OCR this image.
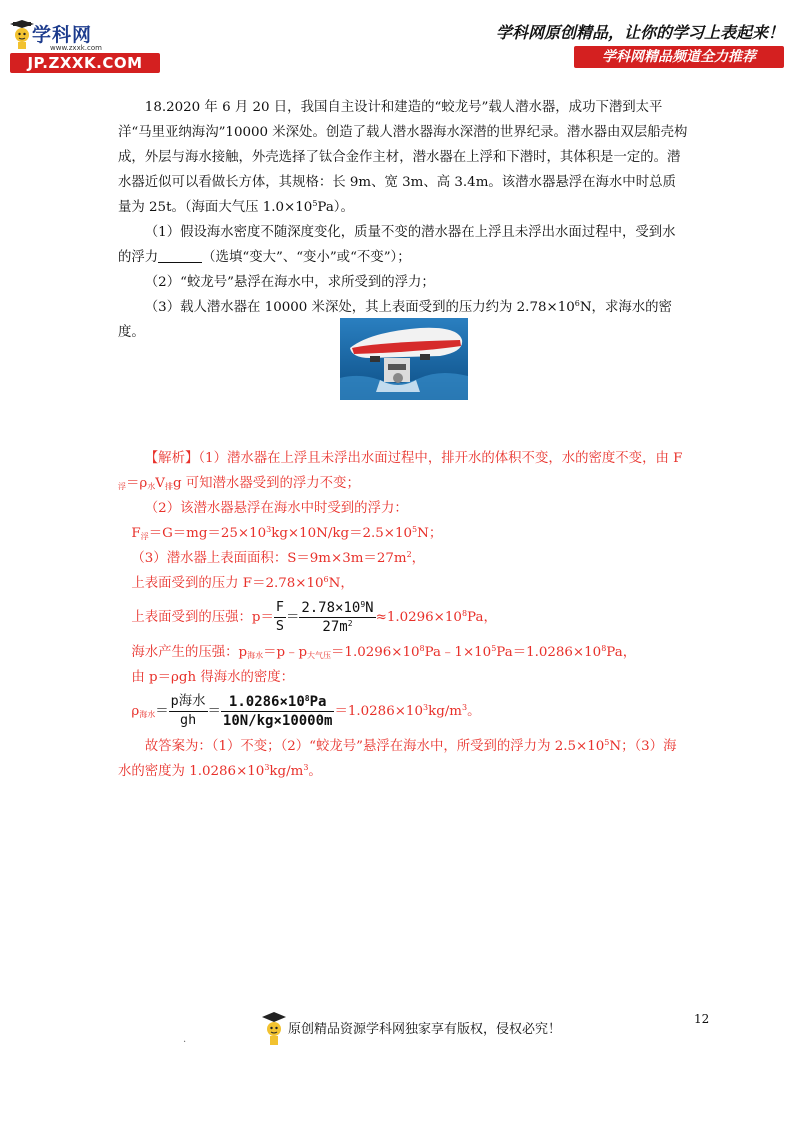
学科网
www.zxxk.com
JP.ZXXK.COM
学科网原创精品，让你的学习上表起来！
学科网精品频道全力推荐

18.2020 年 6 月 20 日，我国自主设计和建造的“蛟龙号”载人潜水器，成功下潜到太平洋“马里亚纳海沟”10000 米深处。创造了载人潜水器海水深潜的世界纪录。潜水器由双层船壳构成，外层与海水接触，外壳选择了钛合金作主材，潜水器在上浮和下潜时，其体积是一定的。潜水器近似可以看做长方体，其规格：长 9m、宽 3m、高 3.4m。该潜水器悬浮在海水中时总质量为 25t。（海面大气压 $1.0\times 10^5Pa$）。

（1）假设海水密度不随深度变化，质量不变的潜水器在上浮且未浮出水面过程中，受到水的浮力	（选填“变大”、“变小”或“不变”）；

（2）“蛟龙号”悬浮在海水中，求所受到的浮力；

（3）载人潜水器在 10000 米深处，其上表面受到的压力约为 $2.78\times 10^6N$，求海水的密度。

【解析】（1）潜水器在上浮且未浮出水面过程中，排开水的体积不变，水的密度不变，由 $F_浮=\rho_水V_排g$ 可知潜水器受到的浮力不变；

（2）该潜水器悬浮在海水中时受到的浮力：

$F_浮=G=mg=25\times 10^3kg\times 10N/kg=2.5\times 10^5N$；

（3）潜水器上表面面积：$S=9m\times 3m=27m^2$，

上表面受到的压力 $F=2.78\times 10^6N$，

上表面受到的压强：$p= \frac{F}{S} = \frac{2.78\times 10^9N}{27m^2} \approx 1.0296\times 10^8Pa$，

海水产生的压强：$p_{海水}=p﹣p_{大气压}=1.0296\times 10^8Pa﹣1\times 10^5Pa=1.0286\times 10^8Pa$，

由 p＝ρgh 得海水的密度：

$\rho_{海水}= \frac{\text{p海水}}{gh} = \frac{1.0286\times 10^8Pa}{10N/kg\times 10000m} =1.0286\times 10^3kg/m^3$。

故答案为：（1）不变；（2）“蛟龙号”悬浮在海水中，所受到的浮力为 $2.5\times 10^5N$；（3）海水的密度为 $1.0286\times 10^3kg/m^3$。

12
.
原创精品资源学科网独家享有版权，侵权必究！
